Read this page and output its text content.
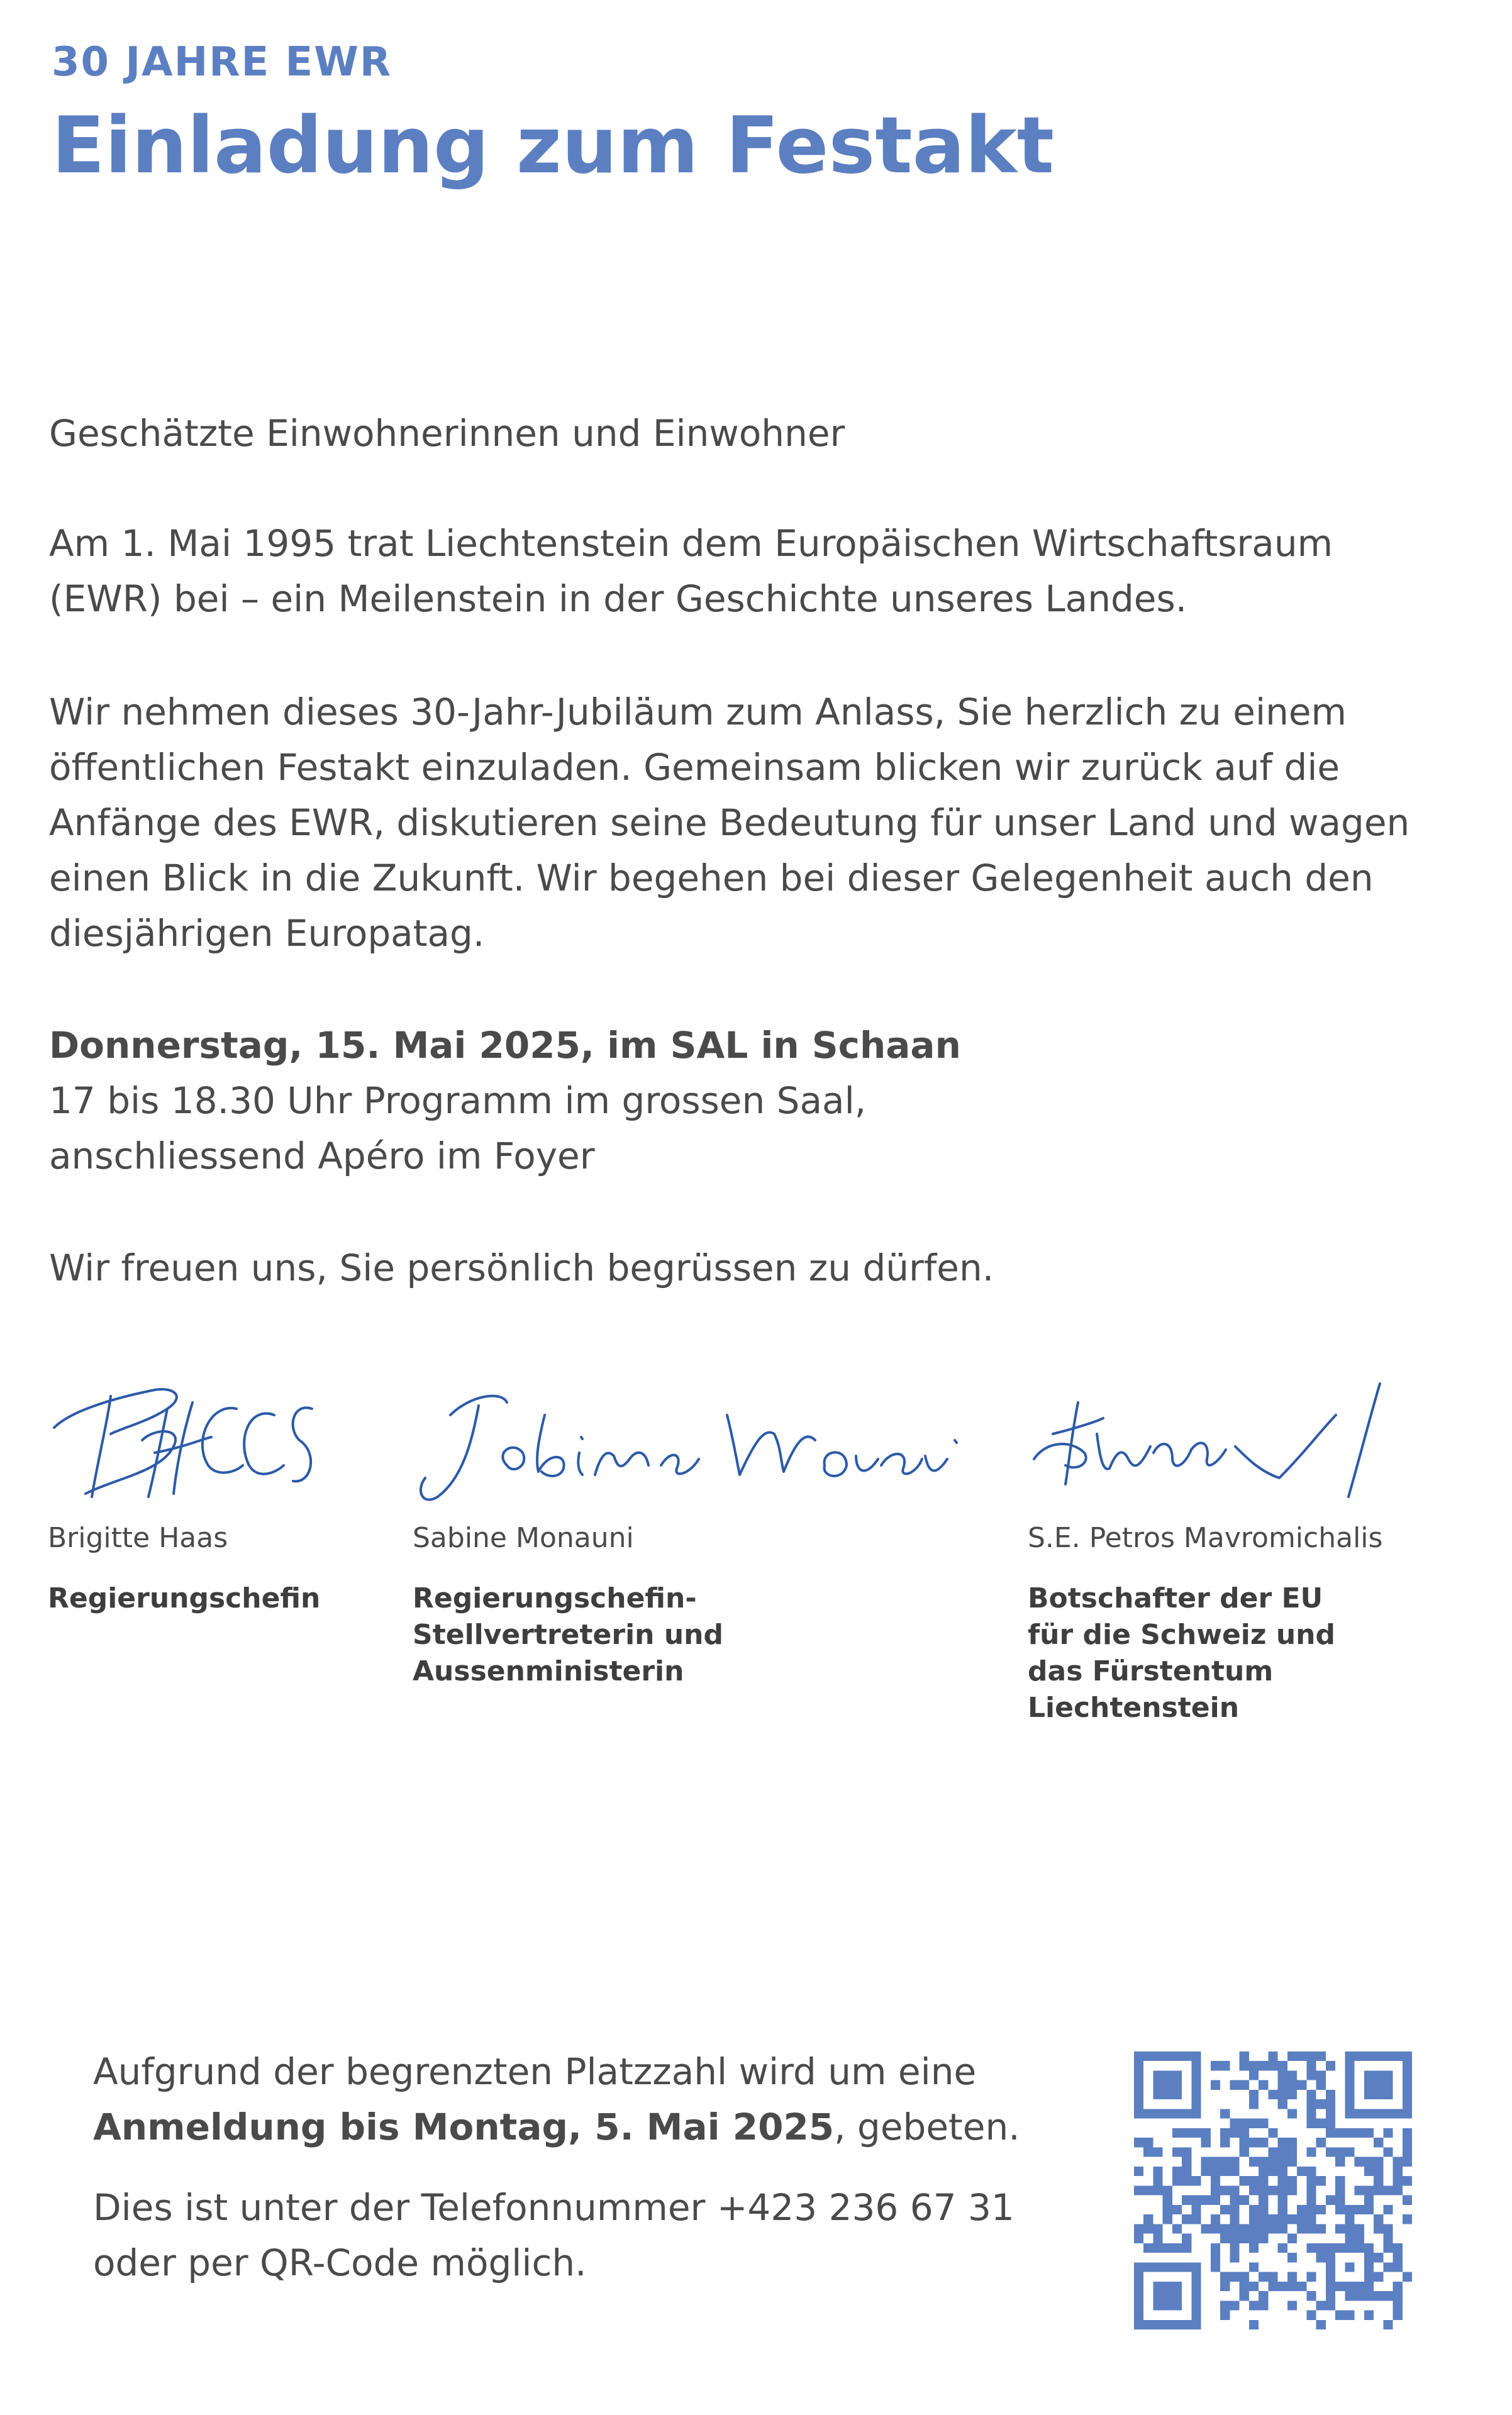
30 JAHRE EWR
Einladung zum Festakt

Geschätzte Einwohnerinnen und Einwohner

Am 1. Mai 1995 trat Liechtenstein dem Europäischen Wirtschaftsraum

(EWR) bei – ein Meilenstein in der Geschichte unseres Landes.

Wir nehmen dieses 30-Jahr-Jubiläum zum Anlass, Sie herzlich zu einem

öffentlichen Festakt einzuladen. Gemeinsam blicken wir zurück auf die

Anfänge des EWR, diskutieren seine Bedeutung für unser Land und wagen

einen Blick in die Zukunft. Wir begehen bei dieser Gelegenheit auch den

diesjährigen Europatag.

Donnerstag, 15. Mai 2025, im SAL in Schaan

17 bis 18.30 Uhr Programm im grossen Saal,

anschliessend Apéro im Foyer

Wir freuen uns, Sie persönlich begrüssen zu dürfen.

Brigitte Haas
Regierungschefin
Sabine Monauni
Regierungschefin-
Stellvertreterin und
Aussenministerin
S.E. Petros Mavromichalis
Botschafter der EU
für die Schweiz und
das Fürstentum
Liechtenstein

Aufgrund der begrenzten Platzzahl wird um eine
Anmeldung bis Montag, 5. Mai 2025, gebeten.

Dies ist unter der Telefonnummer +423 236 67 31
oder per QR-Code möglich.
